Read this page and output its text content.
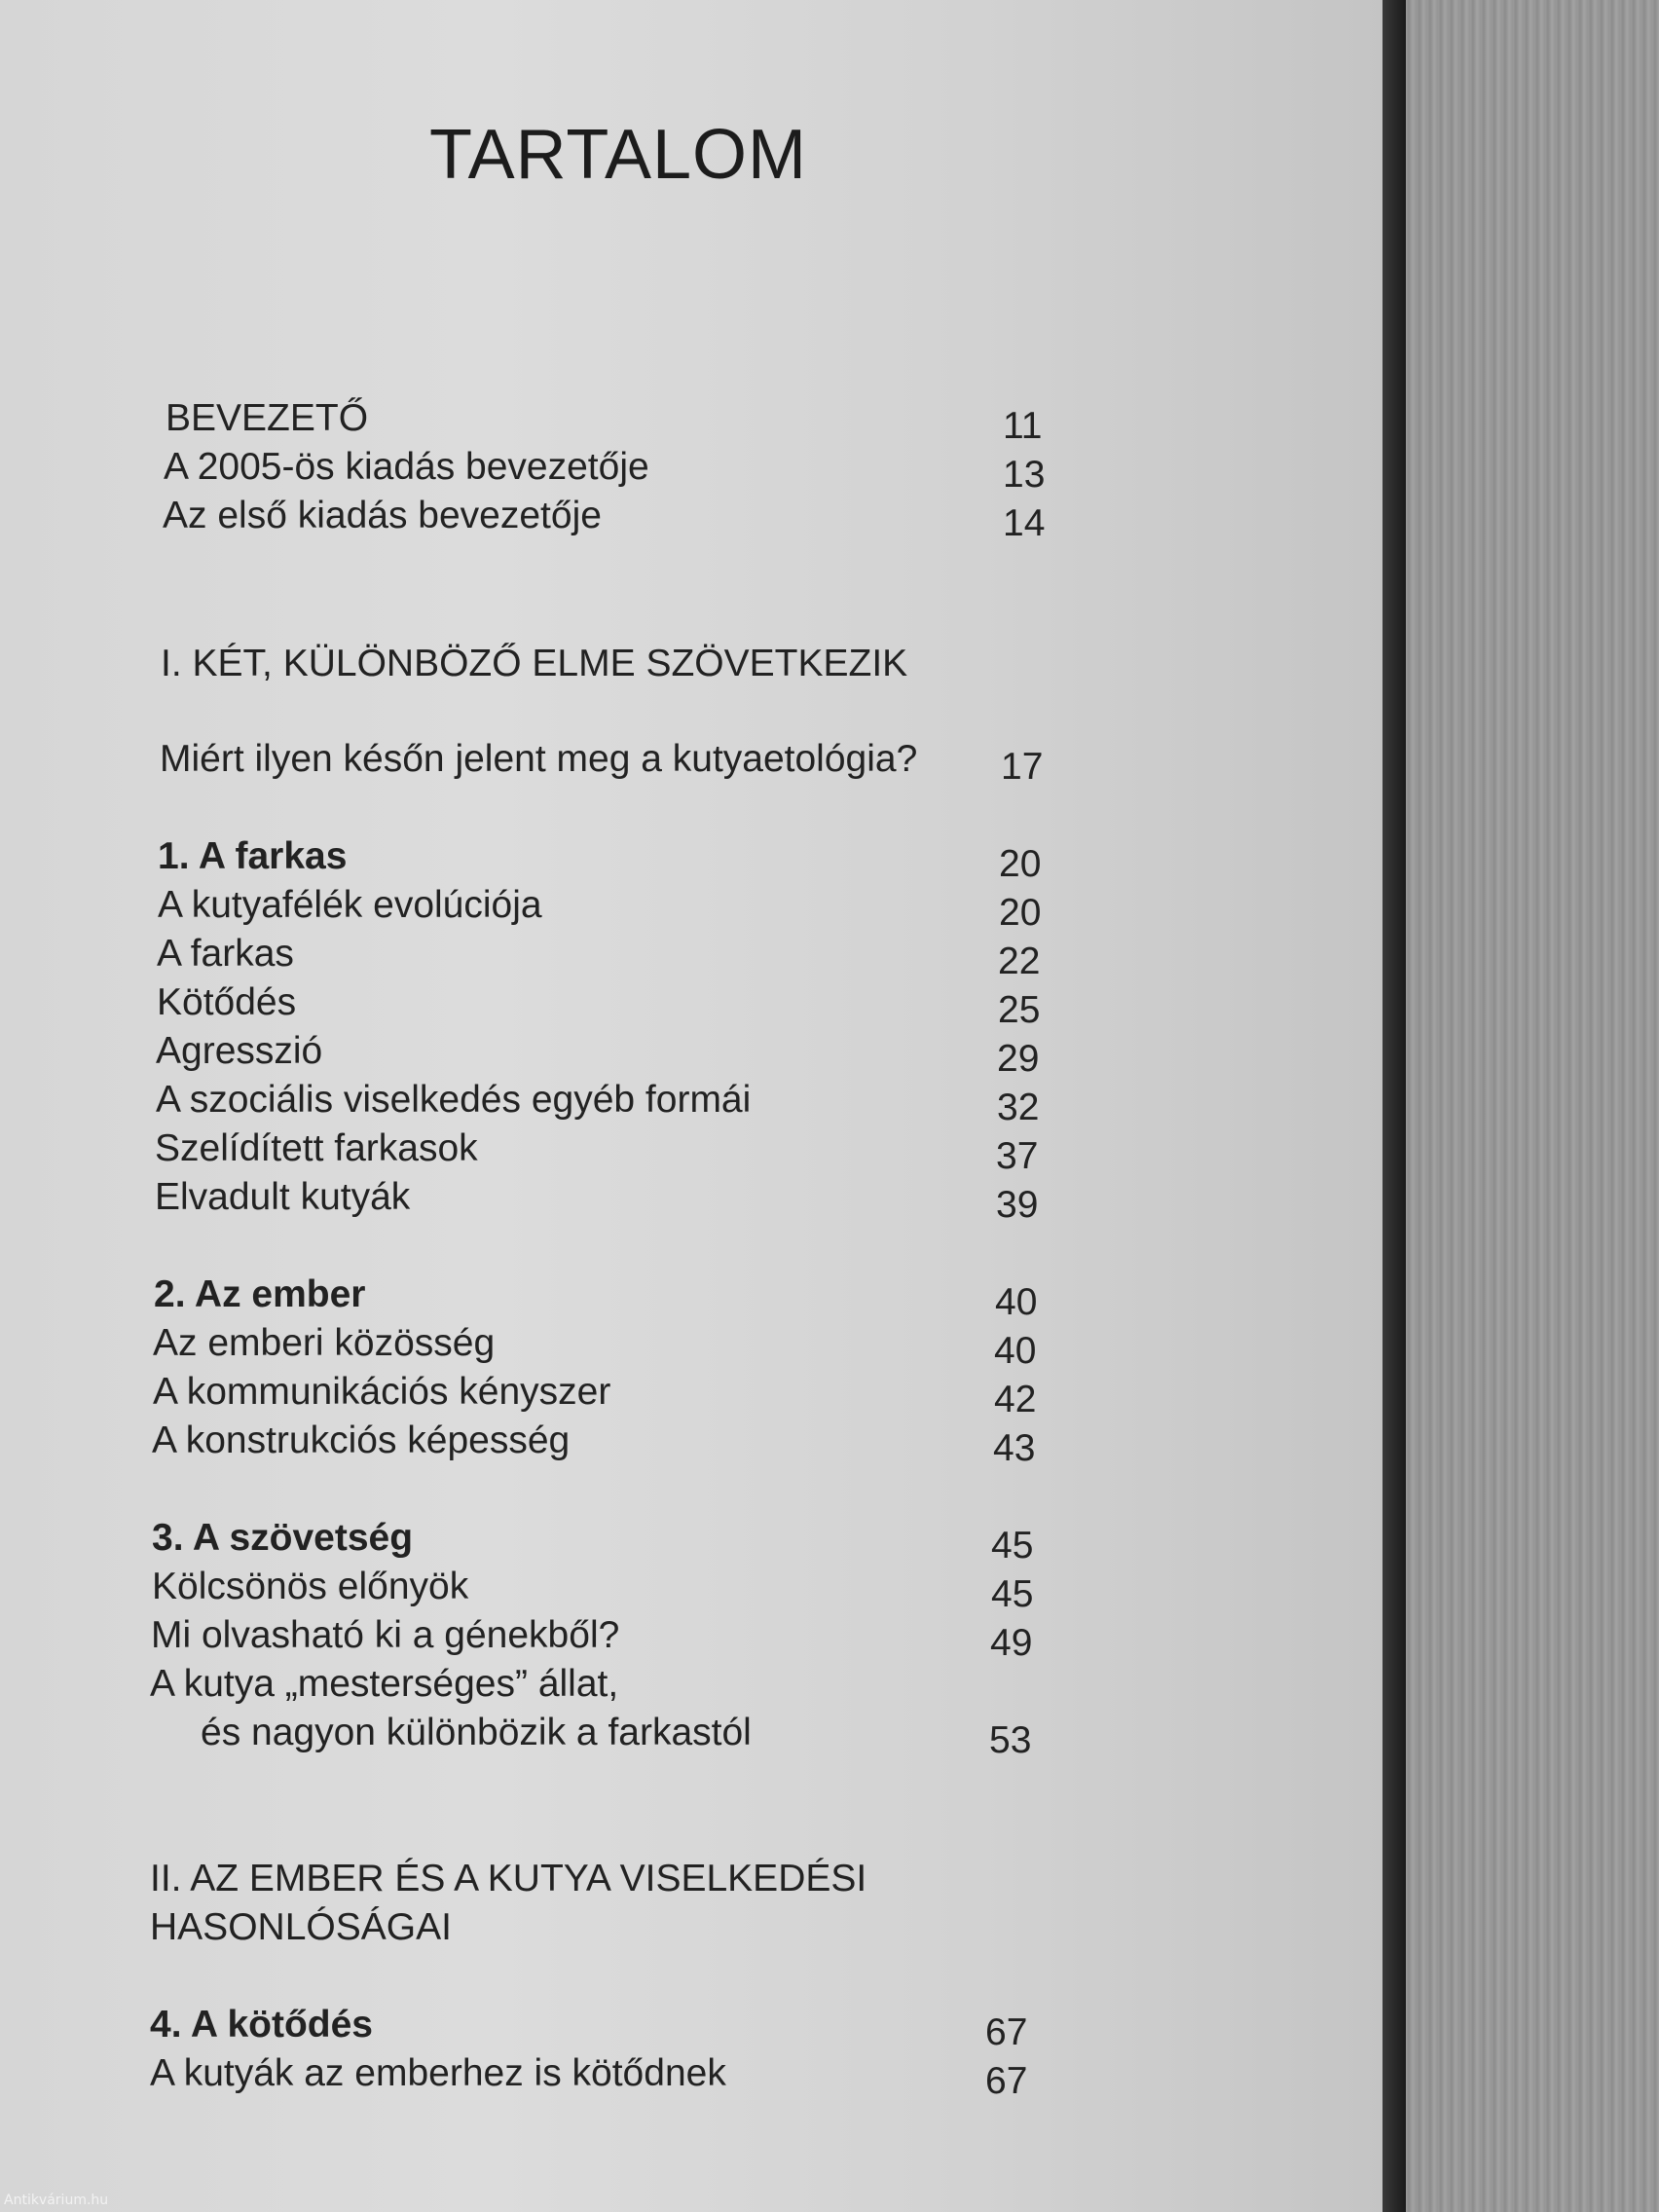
TARTALOM
BEVEZETŐ	11
A 2005-ös kiadás bevezetője	13
Az első kiadás bevezetője	14
I. KÉT, KÜLÖNBÖZŐ ELME SZÖVETKEZIK
Miért ilyen későn jelent meg a kutyaetológia? 17
1. A farkas	20
A kutyafélék evolúciója	20
A farkas	22
Kötődés	25
Agresszió	29
A szociális viselkedés egyéb formái	32
Szelídített farkasok	37
Elvadult kutyák	39
2. Az ember	40
Az emberi közösség	40
A kommunikációs kényszer	42
A konstrukciós képesség	43
3. A szövetség	45
Kölcsönös előnyök	45
Mi olvasható ki a génekből?	49
A kutya „mesterséges” állat,
és nagyon különbözik a farkastól	53
II. AZ EMBER ÉS A KUTYA VISELKEDÉSI
HASONLÓSÁGAI
4. A kötődés	67
A kutyák az emberhez is kötődnek	67
Antikvárium.hu
